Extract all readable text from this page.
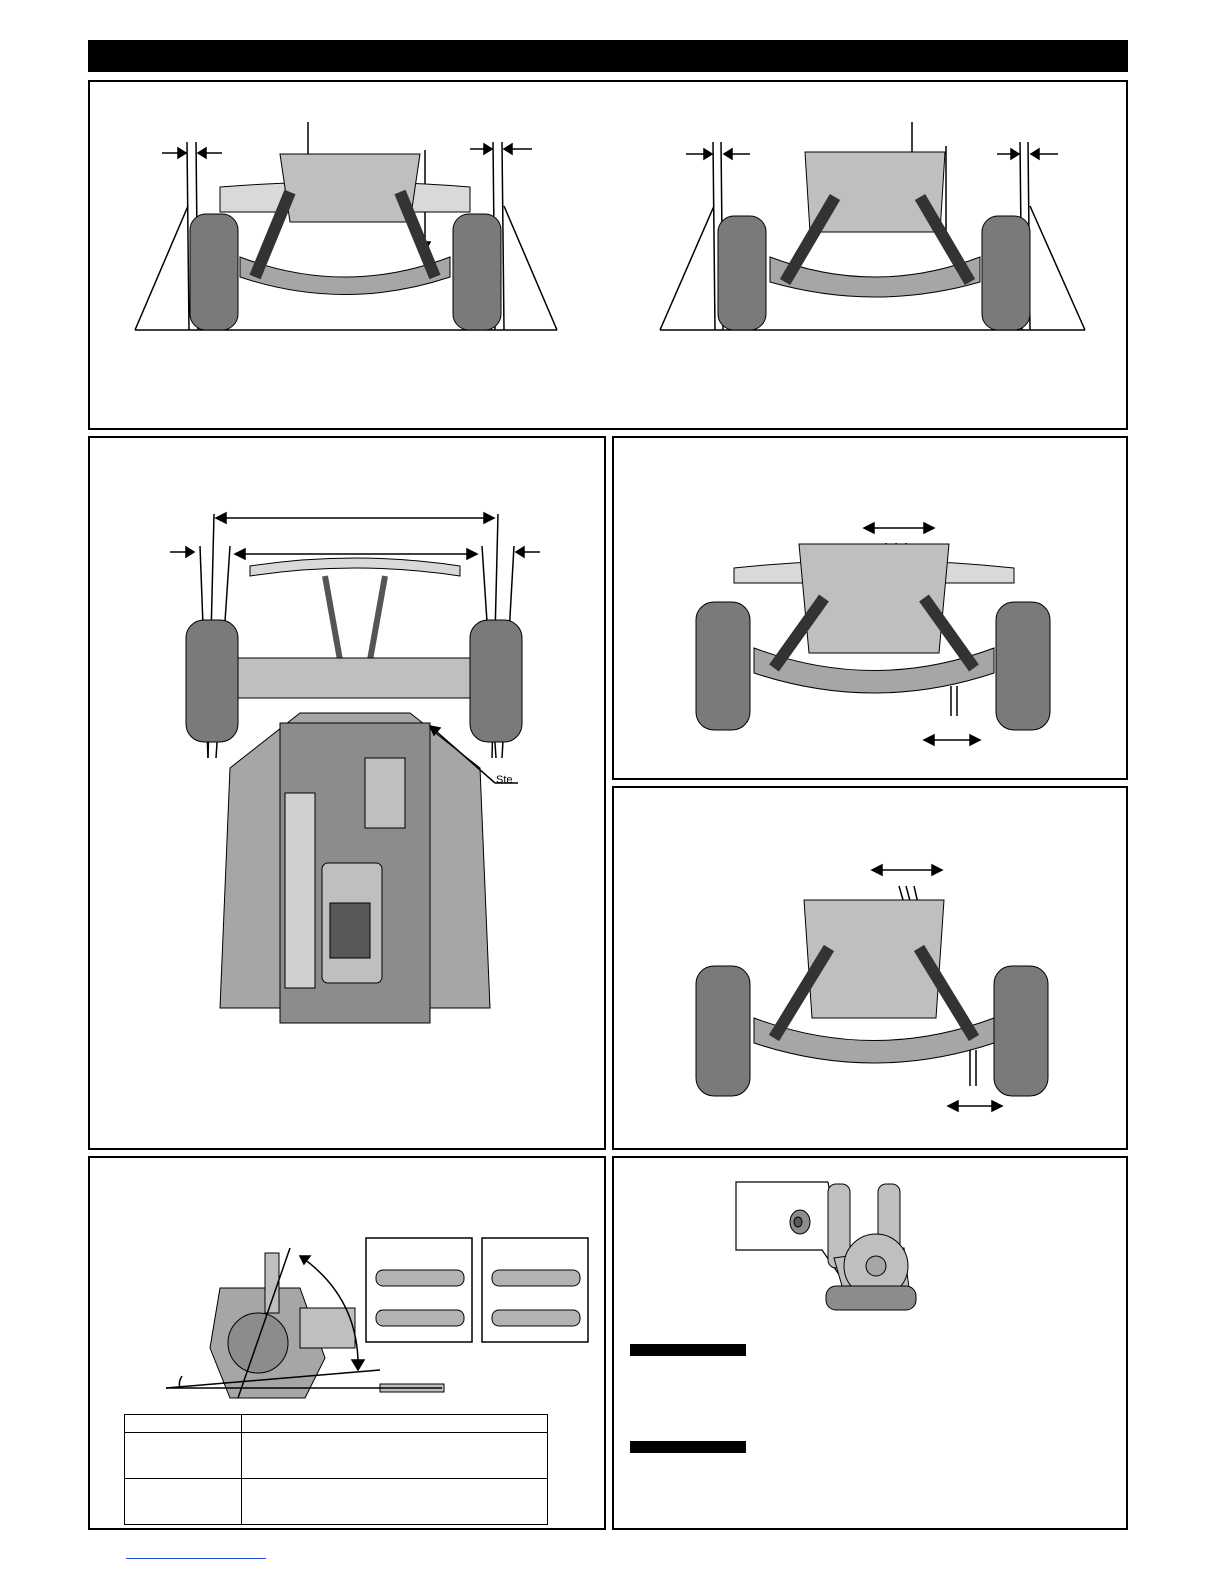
Ste
